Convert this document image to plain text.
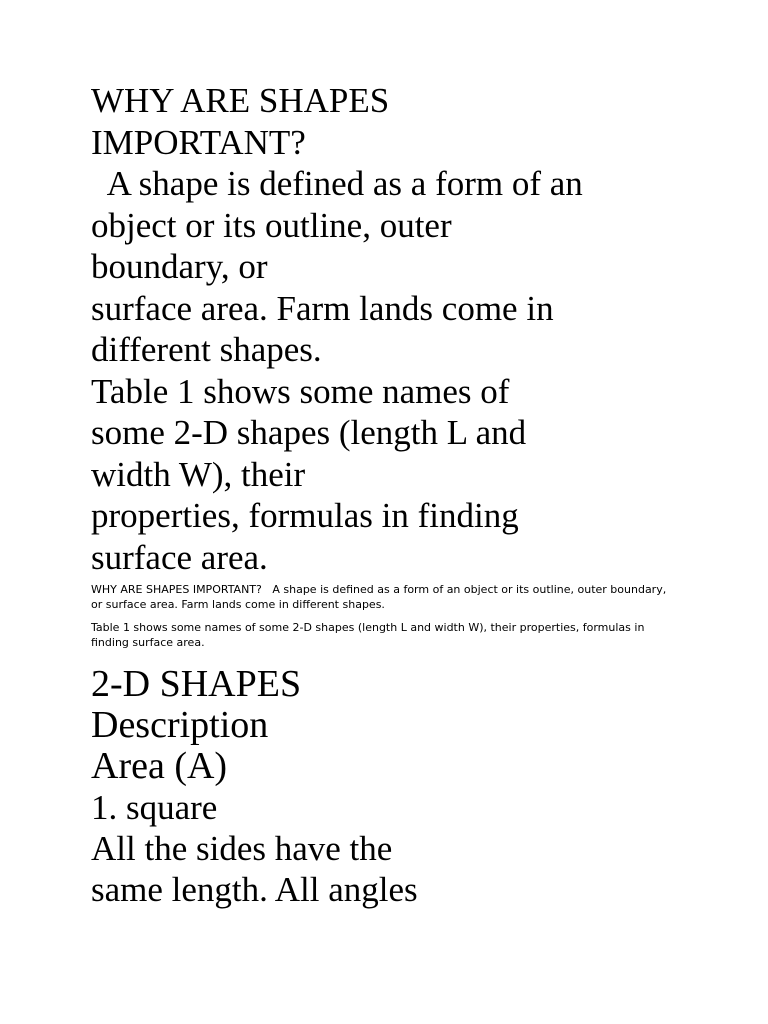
WHY ARE SHAPES

IMPORTANT?

A shape is defined as a form of an

object or its outline, outer

boundary, or

surface area. Farm lands come in

different shapes.

Table 1 shows some names of

some 2-D shapes (length L and

width W), their

properties, formulas in finding

surface area.

WHY ARE SHAPES IMPORTANT?   A shape is defined as a form of an object or its outline, outer boundary,
or surface area. Farm lands come in different shapes.
Table 1 shows some names of some 2-D shapes (length L and width W), their properties, formulas in
finding surface area.

2-D SHAPES

Description

Area (A)

1. square

All the sides have the

same length. All angles
